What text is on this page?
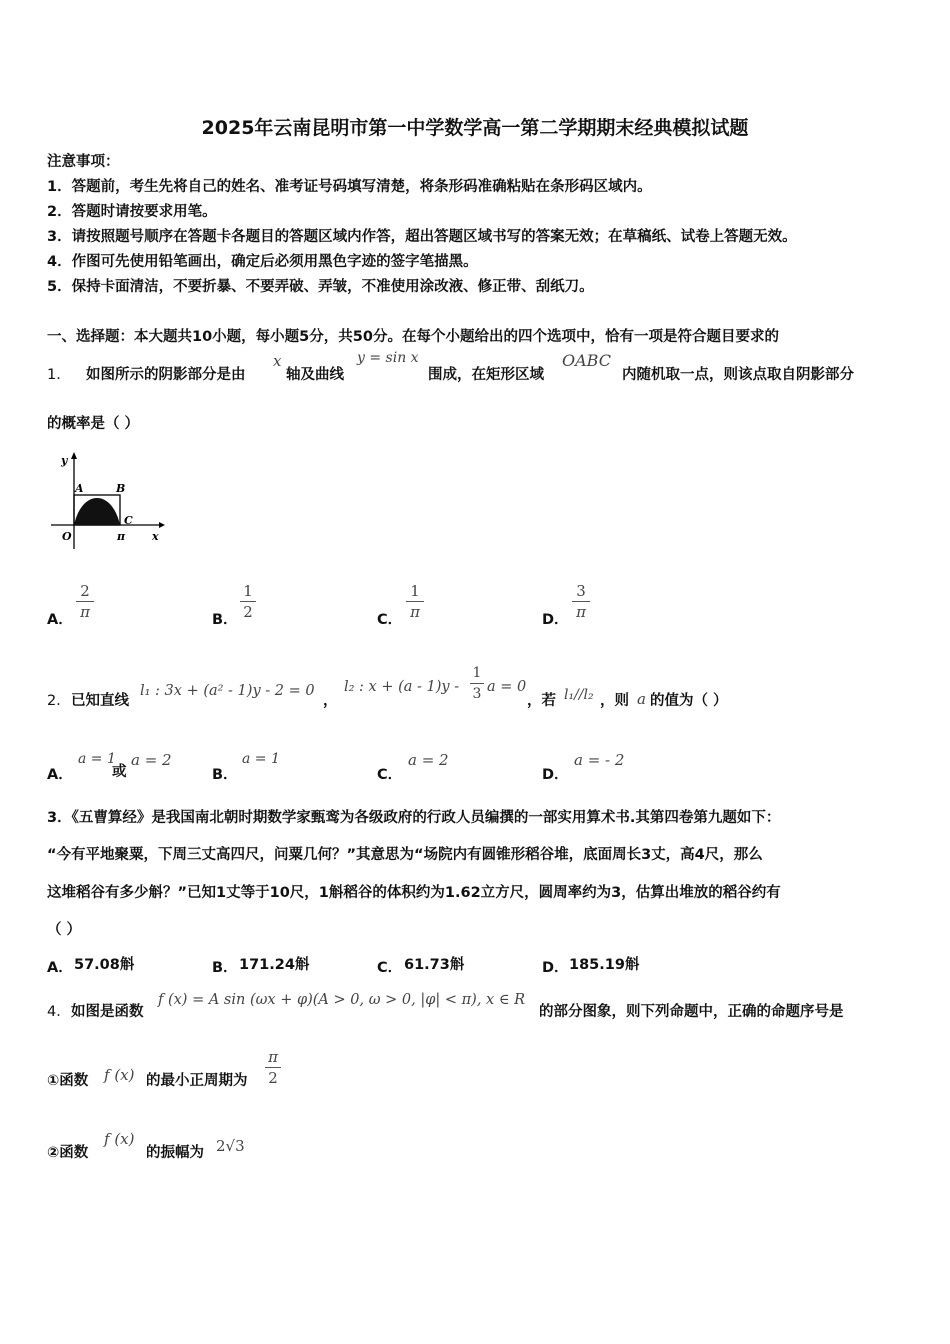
2025年云南昆明市第一中学数学高一第二学期期末经典模拟试题
注意事项：
1．答题前，考生先将自己的姓名、准考证号码填写清楚，将条形码准确粘贴在条形码区域内。
2．答题时请按要求用笔。
3．请按照题号顺序在答题卡各题目的答题区域内作答，超出答题区域书写的答案无效；在草稿纸、试卷上答题无效。
4．作图可先使用铅笔画出，确定后必须用黑色字迹的签字笔描黑。
5．保持卡面清洁，不要折暴、不要弄破、弄皱，不准使用涂改液、修正带、刮纸刀。
一、选择题：本大题共10小题，每小题5分，共50分。在每个小题给出的四个选项中，恰有一项是符合题目要求的
1. 如图所示的阴影部分是由
x
轴及曲线
y = sin x
围成，在矩形区域
OABC
内随机取一点，则该点取自阴影部分
的概率是（ ）
y
A	B
C
O	π x
A．
2
π	B．
1
2	C．
1
π	D．
3
π
2． 已知直线
l₁ : 3x + (a² - 1)y - 2 = 0
，
l₂ : x + (a - 1)y -
1
3 a = 0
，若 l₁//l₂ ，则 a 的值为（ ）
A．
a = 1
或
a = 2
B．
a = 1
C．
a = 2
D．
a = - 2
3．《五曹算经》是我国南北朝时期数学家甄鸾为各级政府的行政人员编撰的一部实用算术书.其第四卷第九题如下：
“今有平地聚粟，下周三丈高四尺，问粟几何？”其意思为“场院内有圆锥形稻谷堆，底面周长3丈，高4尺，那么
这堆稻谷有多少斛？”已知1丈等于10尺，1斛稻谷的体积约为1.62立方尺，圆周率约为3，估算出堆放的稻谷约有
（ ）
A． 57.08斛	B． 171.24斛	C． 61.73斛	D． 185.19斛
4． 如图是函数
f (x) = A sin (ωx + φ)(A > 0, ω > 0, |φ| < π), x ∈ R
的部分图象，则下列命题中，正确的命题序号是
①函数 f (x) 的最小正周期为
π
2
②函数
f (x)
的振幅为 2√3
